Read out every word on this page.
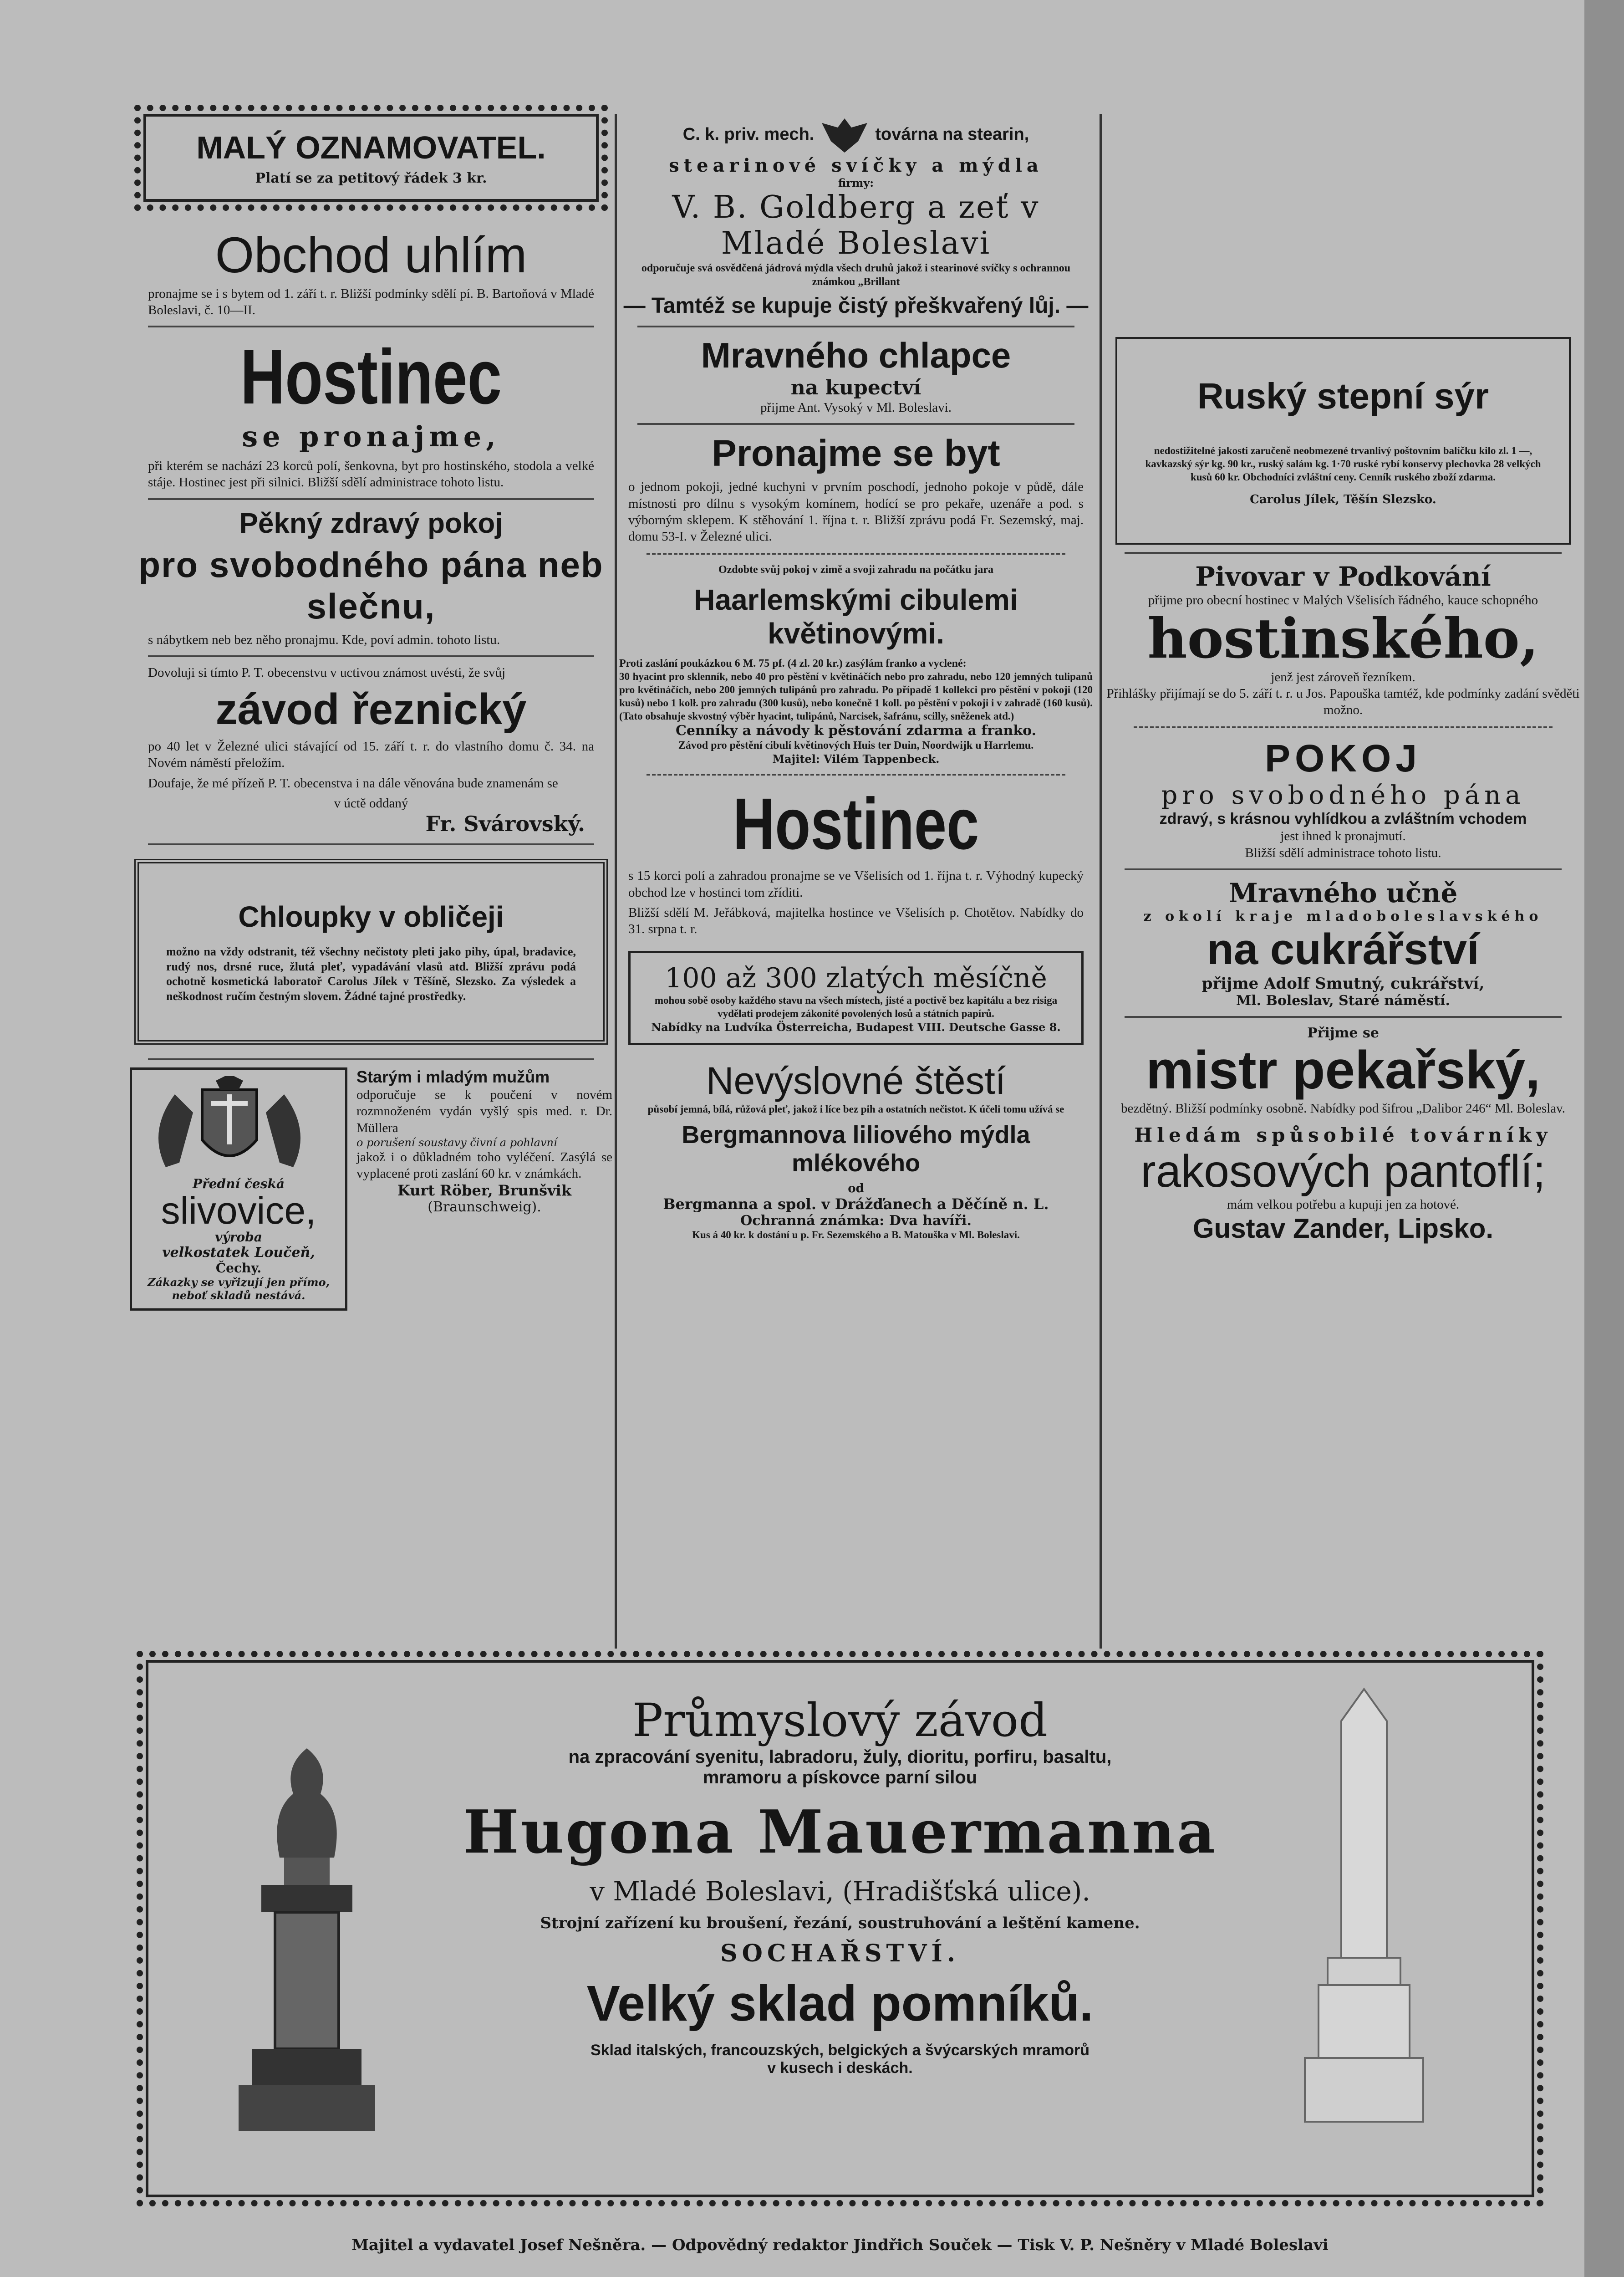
MALÝ OZNAMOVATEL.
Platí se za petitový řádek 3 kr.
Obchod uhlím
pronajme se i s bytem od 1. září t. r. Bližší podmínky sdělí pí. B. Bartoňová v Mladé Boleslavi, č. 10—II.
Hostinec
se pronajme,
při kterém se nachází 23 korců polí, šenkovna, byt pro hostinského, stodola a velké stáje. Hostinec jest při silnici. Bližší sdělí administrace tohoto listu.
Pěkný zdravý pokoj
pro svobodného pána neb slečnu,
s nábytkem neb bez něho pronajmu. Kde, poví admin. tohoto listu.
Dovoluji si tímto P. T. obecenstvu v uctivou známost uvésti, že svůj
závod řeznický
po 40 let v Železné ulici stávající od 15. září t. r. do vlastního domu č. 34. na Novém náměstí přeložím.
Doufaje, že mé přízeň P. T. obecenstva i na dále věnována bude znamenám se
v úctě oddaný
Fr. Svárovský.
Chloupky v obličeji
možno na vždy odstranit, též všechny nečistoty pleti jako pihy, úpal, bradavice, rudý nos, drsné ruce, žlutá pleť, vypadávání vlasů atd. Bližší zprávu podá ochotně kosmetická laboratoř Carolus Jílek v Těšíně, Slezsko. Za výsledek a neškodnost ručím čestným slovem. Žádné tajné prostředky.
Přední česká
slivovice,
výroba
velkostatek Loučeň,
Čechy.
Zákazky se vyřizují jen přímo, neboť skladů nestává.
Starým i mladým mužům
odporučuje se k poučení v novém rozmnoženém vydán vyšlý spis med. r. Dr. Müllera
o porušení soustavy čivní a pohlavní
jakož i o důkladném toho vyléčení. Zasýlá se vyplacené proti zaslání 60 kr. v známkách.
Kurt Röber, Brunšvik
(Braunschweig).
C. k. priv. mech.	továrna na stearin,
stearinové svíčky a mýdla
firmy:
V. B. Goldberg a zeť v Mladé Boleslavi
odporučuje svá osvědčená jádrová mýdla všech druhů jakož i stearinové svíčky s ochrannou známkou „Brillant
— Tamtéž se kupuje čistý přeškvařený lůj. —
Mravného chlapce
na kupectví
přijme Ant. Vysoký v Ml. Boleslavi.
Pronajme se byt
o jednom pokoji, jedné kuchyni v prvním poschodí, jednoho pokoje v půdě, dále místnosti pro dílnu s vysokým komínem, hodící se pro pekaře, uzenáře a pod. s výborným sklepem. K stěhování 1. října t. r. Bližší zprávu podá Fr. Sezemský, maj. domu 53-I. v Železné ulici.
Ozdobte svůj pokoj v zimě a svoji zahradu na počátku jara
Haarlemskými cibulemi květinovými.
Proti zaslání poukázkou 6 M. 75 pf. (4 zl. 20 kr.) zasýlám franko a vyclené:
30 hyacint pro sklenník, nebo 40 pro pěstění v květináčích nebo pro zahradu, nebo 120 jemných tulipanů pro květináčích, nebo 200 jemných tulipánů pro zahradu. Po případě 1 kollekci pro pěstění v pokoji (120 kusů) nebo 1 kolł. pro zahradu (300 kusů), nebo konečně 1 koll. po pěstění v pokoji i v zahradě (160 kusů). (Tato obsahuje skvostný výběr hyacint, tulipánů, Narcisek, šafránu, scilly, sněženek atd.)
Cenníky a návody k pěstování zdarma a franko.
Závod pro pěstění cibulí květinových Huis ter Duin, Noordwijk u Harrlemu.
Majitel: Vilém Tappenbeck.
Hostinec
s 15 korci polí a zahradou pronajme se ve Všelisích od 1. října t. r. Výhodný kupecký obchod lze v hostinci tom zříditi.
Bližší sdělí M. Jeřábková, majitelka hostince ve Všelisích p. Chotětov. Nabídky do 31. srpna t. r.
100 až 300 zlatých měsíčně
mohou sobě osoby každého stavu na všech místech, jisté a poctivě bez kapitálu a bez risiga vydělati prodejem zákonité povolených losů a státních papírů.
Nabídky na Ludvíka Österreicha, Budapest VIII. Deutsche Gasse 8.
Nevýslovné štěstí
působí jemná, bílá, růžová pleť, jakož i líce bez pih a ostatních nečistot. K účeli tomu užívá se
Bergmannova liliového mýdla mlékového
od
Bergmanna a spol. v Drážďanech a Děčíně n. L.
Ochranná známka: Dva havíři.
Kus á 40 kr. k dostání u p. Fr. Sezemského a B. Matouška v Ml. Boleslavi.
Ruský stepní sýr
nedostižitelné jakosti zaručeně neobmezené trvanlivý poštovním balíčku kilo zl. 1 —, kavkazský sýr kg. 90 kr., ruský salám kg. 1·70 ruské rybí konservy plechovka 28 velkých kusů 60 kr. Obchodníci zvláštní ceny. Cenník ruského zboží zdarma.
Carolus Jílek, Těšín Slezsko.
Pivovar v Podkování
přijme pro obecní hostinec v Malých Všelisích řádného, kauce schopného
hostinského,
jenž jest zároveň řezníkem.
Přihlášky přijímají se do 5. září t. r. u Jos. Papouška tamtéž, kde podmínky zadání svěděti možno.
POKOJ
pro svobodného pána
zdravý, s krásnou vyhlídkou a zvláštním vchodem
jest ihned k pronajmutí.
Bližší sdělí administrace tohoto listu.
Mravného učně
z okolí kraje mladoboleslavského
na cukrářství
přijme Adolf Smutný, cukrářství,
Ml. Boleslav, Staré náměstí.
Přijme se
mistr pekařský,
bezdětný. Bližší podmínky osobně. Nabídky pod šifrou „Dalibor 246“ Ml. Boleslav.
Hledám spůsobilé továrníky
rakosových pantoflí;
mám velkou potřebu a kupuji jen za hotové.
Gustav Zander, Lipsko.
Průmyslový závod
na zpracování syenitu, labradoru, žuly, dioritu, porfiru, basaltu,
mramoru a pískovce parní silou
Hugona Mauermanna
v Mladé Boleslavi, (Hradišťská ulice).
Strojní zařízení ku broušení, řezání, soustruhování a leštění kamene.
SOCHAŘSTVÍ.
Velký sklad pomníků.
Sklad italských, francouzských, belgických a švýcarských mramorů
v kusech i deskách.
Majitel a vydavatel Josef Nešněra. — Odpovědný redaktor Jindřich Souček — Tisk V. P. Nešněry v Mladé Boleslavi
